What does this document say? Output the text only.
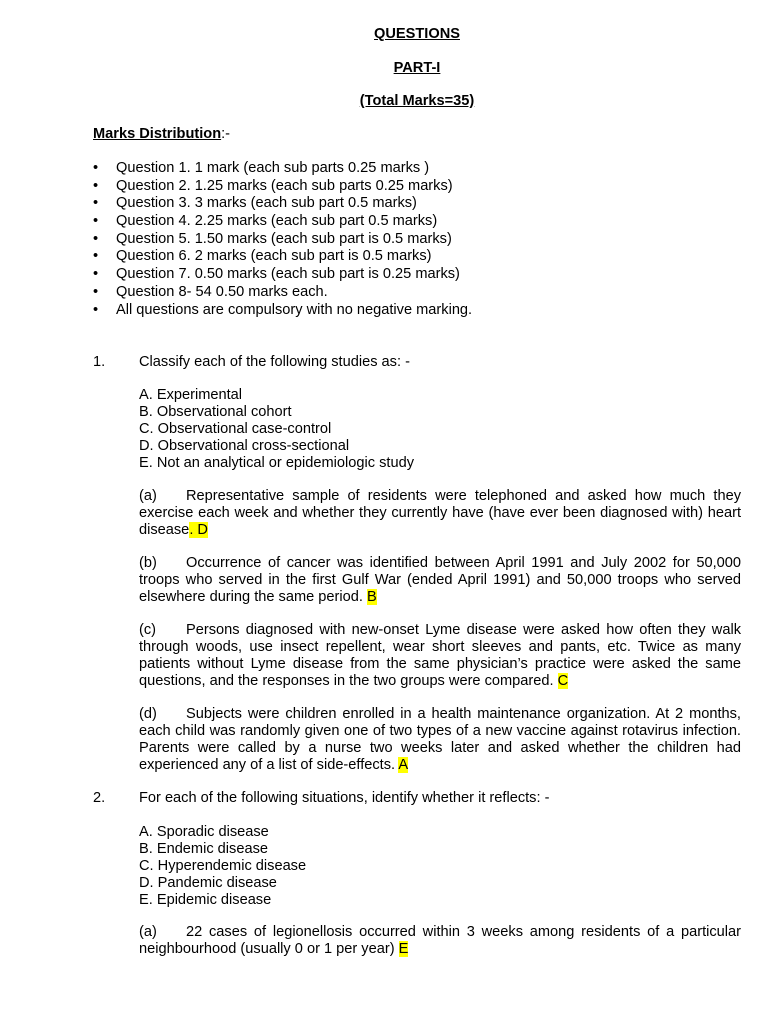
QUESTIONS
PART-I
(Total Marks=35)
Marks Distribution:-
• Question 1. 1 mark (each sub parts 0.25 marks )
• Question 2. 1.25 marks (each sub parts 0.25 marks)
• Question 3. 3 marks (each sub part 0.5 marks)
• Question 4. 2.25 marks (each sub part 0.5 marks)
• Question 5. 1.50 marks (each sub part is 0.5 marks)
• Question 6. 2 marks (each sub part is 0.5 marks)
• Question 7. 0.50 marks (each sub part is 0.25 marks)
• Question 8- 54 0.50 marks each.
• All questions are compulsory with no negative marking.
1. Classify each of the following studies as: -
A. Experimental
B. Observational cohort
C. Observational case-control
D. Observational cross-sectional
E. Not an analytical or epidemiologic study

(a) Representative sample of residents were telephoned and asked how much they exercise each week and whether they currently have (have ever been diagnosed with) heart disease. D

(b) Occurrence of cancer was identified between April 1991 and July 2002 for 50,000 troops who served in the first Gulf War (ended April 1991) and 50,000 troops who served elsewhere during the same period. B

(c) Persons diagnosed with new-onset Lyme disease were asked how often they walk through woods, use insect repellent, wear short sleeves and pants, etc. Twice as many patients without Lyme disease from the same physician’s practice were asked the same questions, and the responses in the two groups were compared. C

(d) Subjects were children enrolled in a health maintenance organization. At 2 months, each child was randomly given one of two types of a new vaccine against rotavirus infection. Parents were called by a nurse two weeks later and asked whether the children had experienced any of a list of side-effects. A

2. For each of the following situations, identify whether it reflects: -
A. Sporadic disease
B. Endemic disease
C. Hyperendemic disease
D. Pandemic disease
E. Epidemic disease

(a) 22 cases of legionellosis occurred within 3 weeks among residents of a particular neighbourhood (usually 0 or 1 per year) E
